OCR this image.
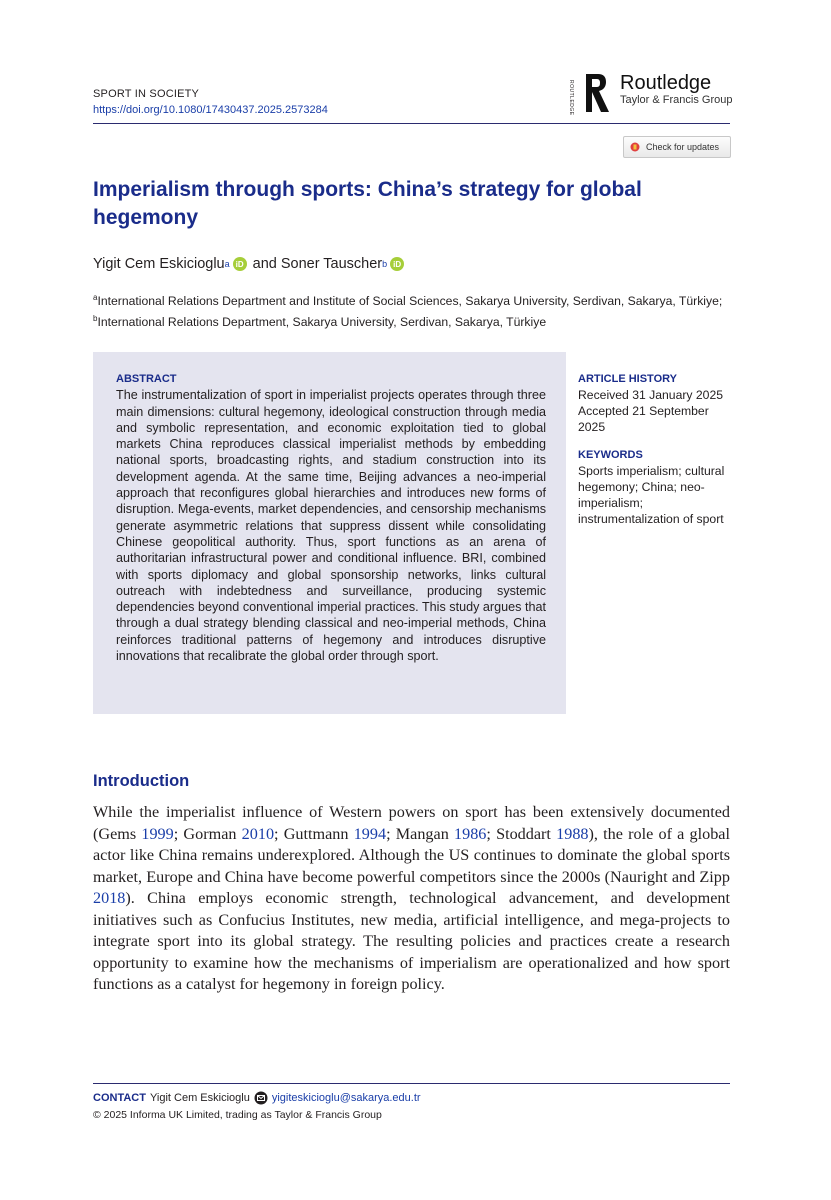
SPORT IN SOCIETY
https://doi.org/10.1080/17430437.2025.2573284	ROUTLEDGE Routledge
Taylor & Francis Group
Check for updates
Imperialism through sports: China’s strategy for global hegemony
Yigit Cem Eskicioglu a iD and Soner Tauscher b iD
$^a$International Relations Department and Institute of Social Sciences, Sakarya University, Serdivan, Sakarya, Türkiye; $^b$International Relations Department, Sakarya University, Serdivan, Sakarya, Türkiye
ABSTRACT
The instrumentalization of sport in imperialist projects operates through three main dimensions: cultural hegemony, ideological construction through media and symbolic representation, and economic exploitation tied to global markets China reproduces classical imperialist methods by embedding national sports, broadcasting rights, and stadium construction into its development agenda. At the same time, Beijing advances a neo-imperial approach that reconfigures global hierarchies and introduces new forms of disruption. Mega-events, market dependencies, and censorship mechanisms generate asymmetric relations that suppress dissent while consolidating Chinese geopolitical authority. Thus, sport functions as an arena of authoritarian infrastructural power and conditional influence. BRI, combined with sports diplomacy and global sponsorship networks, links cultural outreach with indebtedness and surveillance, producing systemic dependencies beyond conventional imperial practices. This study argues that through a dual strategy blending classical and neo-imperial methods, China reinforces traditional patterns of hegemony and introduces disruptive innovations that recalibrate the global order through sport.
ARTICLE HISTORY
Received 31 January 2025
Accepted 21 September 2025
KEYWORDS
Sports imperialism; cultural hegemony; China; neo-imperialism; instrumentalization of sport
Introduction
While the imperialist influence of Western powers on sport has been extensively documented (Gems 1999; Gorman 2010; Guttmann 1994; Mangan 1986; Stoddart 1988), the role of a global actor like China remains underexplored. Although the US continues to dominate the global sports market, Europe and China have become powerful competitors since the 2000s (Nauright and Zipp 2018). China employs economic strength, technological advancement, and development initiatives such as Confucius Institutes, new media, artificial intelligence, and mega-projects to integrate sport into its global strategy. The resulting policies and practices create a research opportunity to examine how the mechanisms of imperialism are operationalized and how sport functions as a catalyst for hegemony in foreign policy.
CONTACT Yigit Cem Eskicioglu yigiteskicioglu@sakarya.edu.tr
© 2025 Informa UK Limited, trading as Taylor & Francis Group
